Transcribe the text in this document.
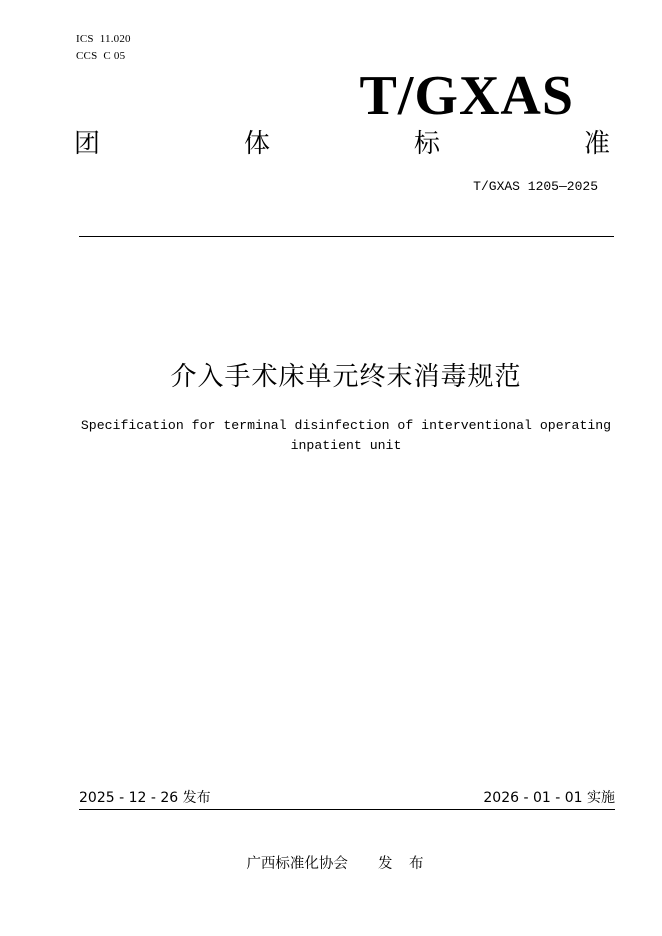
ICS 11.020
CCS C 05
T/GXAS
团	体	标	准
T/GXAS 1205—2025
介入手术床单元终末消毒规范
Specification for terminal disinfection of interventional operating
inpatient unit
2025 - 12 - 26 发布	2026 - 01 - 01 实施
广西标准化协会 发 布
